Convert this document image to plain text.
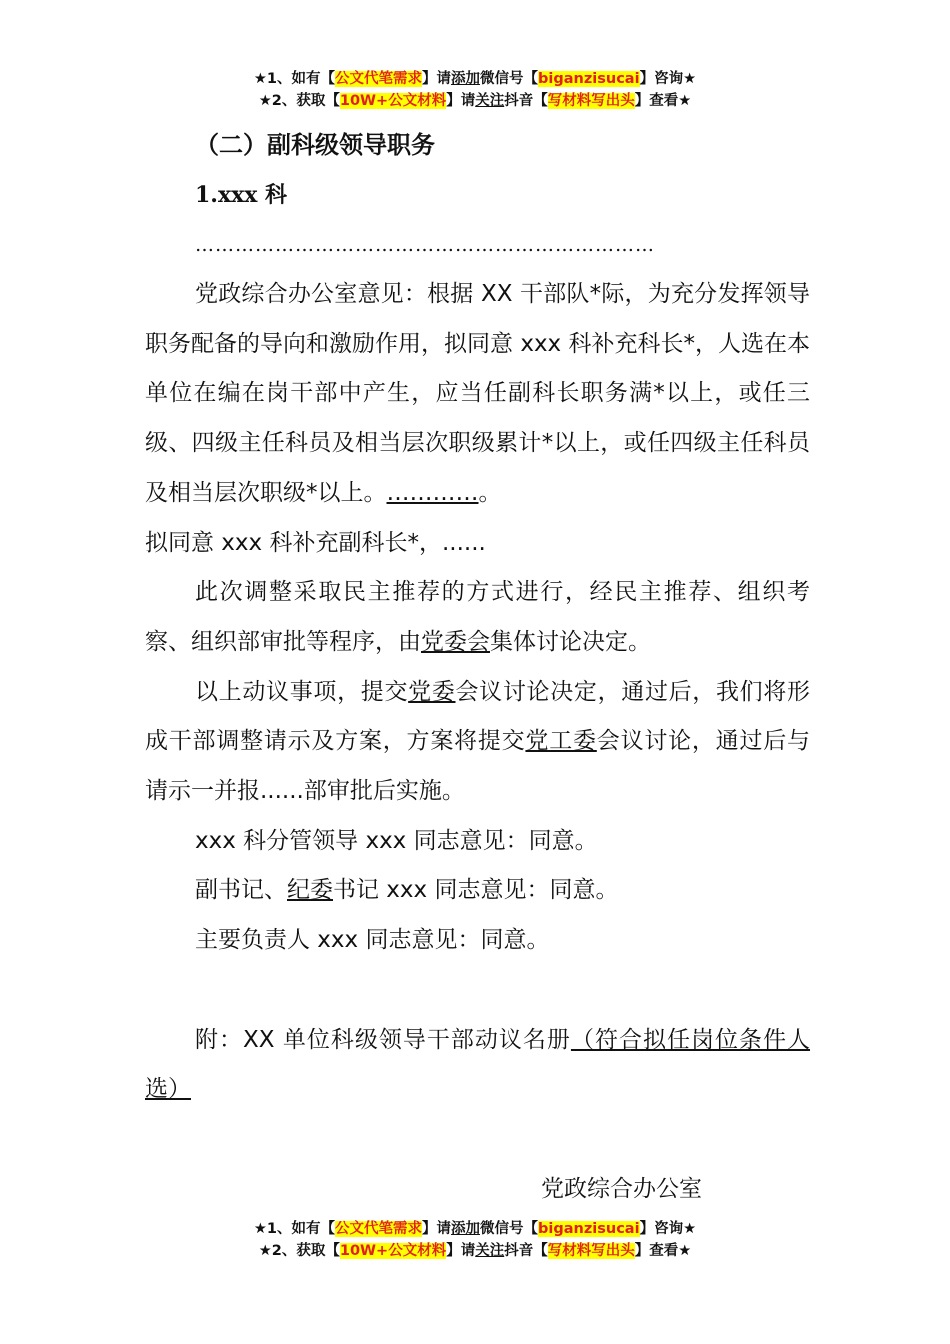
★1、如有【公文代笔需求】请添加微信号【biganzisucai】咨询★
★2、获取【10W+公文材料】请关注抖音【写材料写出头】查看★

（二）副科级领导职务

1.xxx 科

……………………………………………………………

党政综合办公室意见：根据 XX 干部队*际，为充分发挥领导职务配备的导向和激励作用，拟同意 xxx 科补充科长*，人选在本单位在编在岗干部中产生，应当任副科长职务满*以上，或任三级、四级主任科员及相当层次职级累计*以上，或任四级主任科员及相当层次职级*以上。…………。

拟同意 xxx 科补充副科长*，......

此次调整采取民主推荐的方式进行，经民主推荐、组织考察、组织部审批等程序，由党委会集体讨论决定。

以上动议事项，提交党委会议讨论决定，通过后，我们将形成干部调整请示及方案，方案将提交党工委会议讨论，通过后与请示一并报......部审批后实施。

xxx 科分管领导 xxx 同志意见：同意。

副书记、纪委书记 xxx 同志意见：同意。

主要负责人 xxx 同志意见：同意。

附：XX 单位科级领导干部动议名册（符合拟任岗位条件人选）

党政综合办公室

★1、如有【公文代笔需求】请添加微信号【biganzisucai】咨询★
★2、获取【10W+公文材料】请关注抖音【写材料写出头】查看★
